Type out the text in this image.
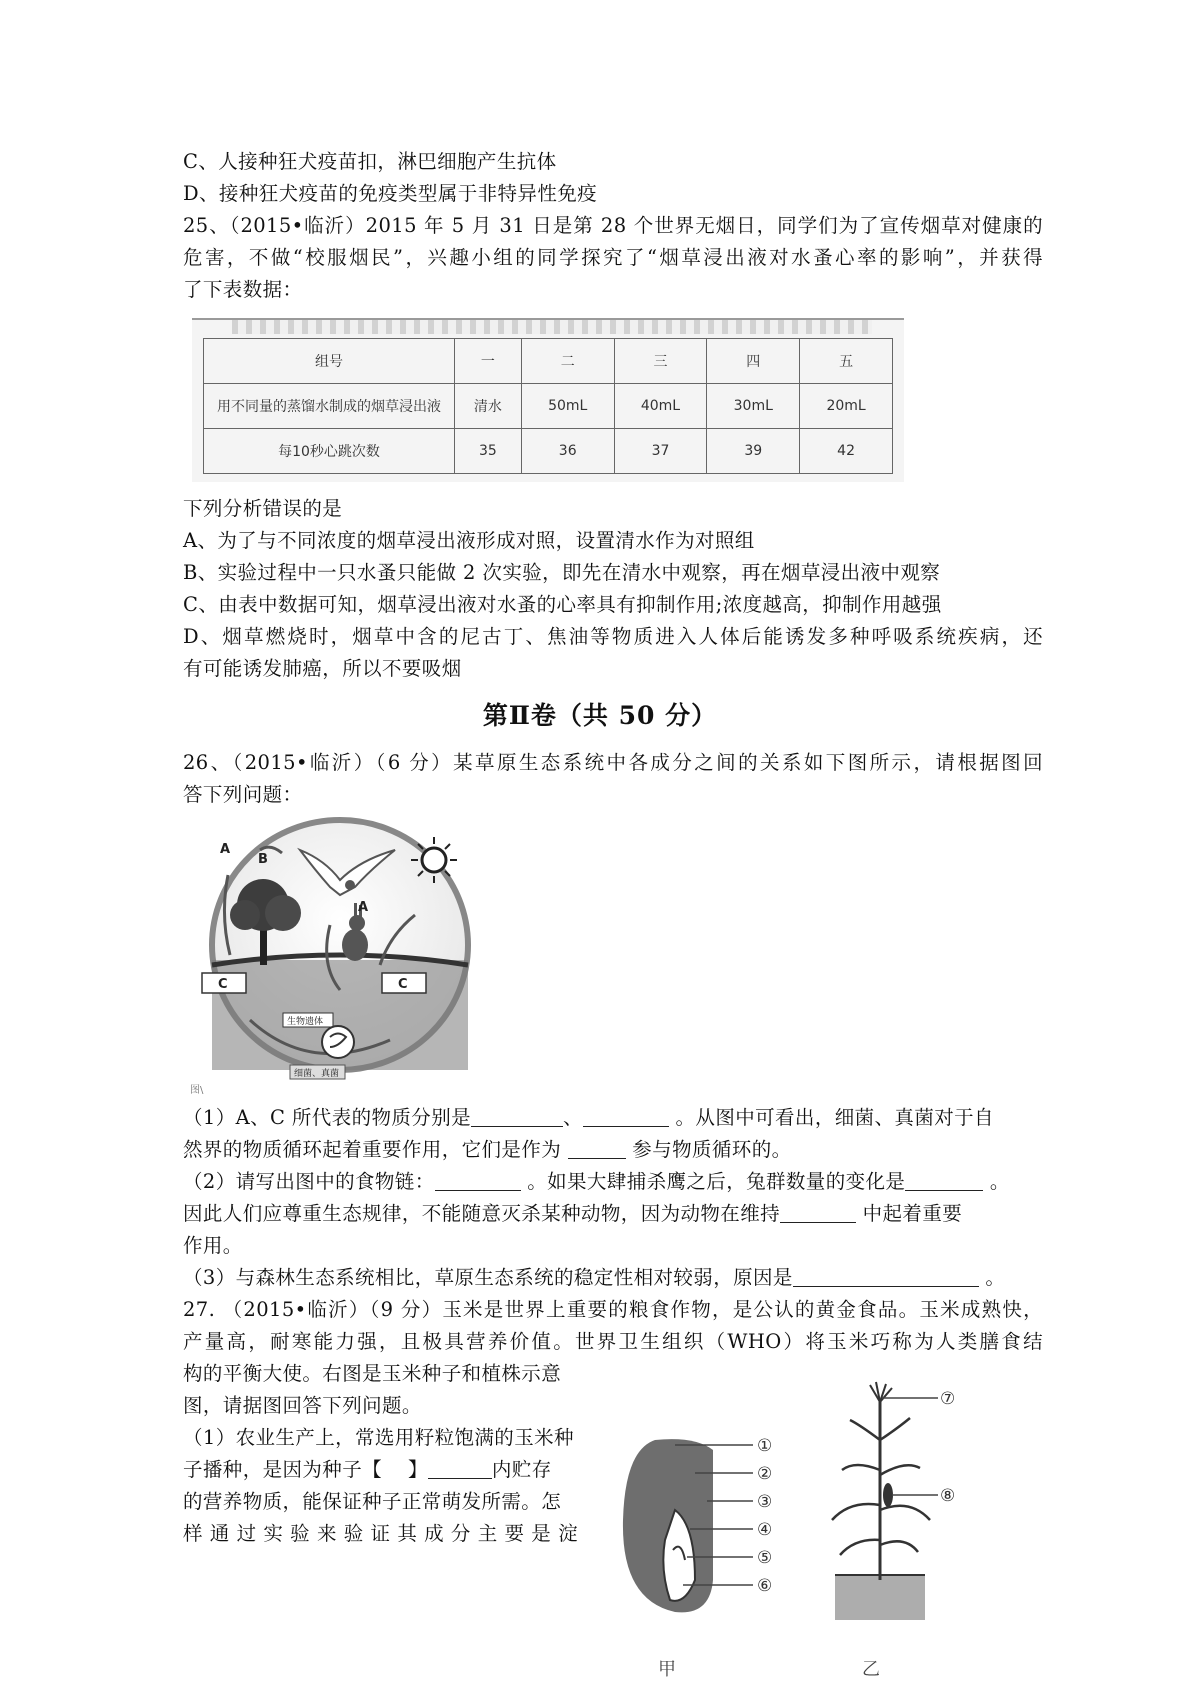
C、人接种狂犬疫苗扣，淋巴细胞产生抗体
D、接种狂犬疫苗的免疫类型属于非特异性免疫
25、（2015•临沂）2015 年 5 月 31 日是第 28 个世界无烟日，同学们为了宣传烟草对健康的
危害，不做“校服烟民”，兴趣小组的同学探究了“烟草浸出液对水蚤心率的影响”，并获得
了下表数据：
组号	一	二	三	四	五
用不同量的蒸馏水制成的烟草浸出液	清水	50mL	40mL	30mL	20mL
每10秒心跳次数	35	36	37	39	42
下列分析错误的是
A、为了与不同浓度的烟草浸出液形成对照，设置清水作为对照组
B、实验过程中一只水蚤只能做 2 次实验，即先在清水中观察，再在烟草浸出液中观察
C、由表中数据可知，烟草浸出液对水蚤的心率具有抑制作用;浓度越高，抑制作用越强
D、烟草燃烧时，烟草中含的尼古丁、焦油等物质进入人体后能诱发多种呼吸系统疾病，还
有可能诱发肺癌，所以不要吸烟
第Ⅱ卷（共 50 分）
26、（2015•临沂）（6 分）某草原生态系统中各成分之间的关系如下图所示，请根据图回
答下列问题：
A
B
A
C	C
生物遗体
细菌、真菌
图\
（1）A、C 所代表的物质分别是	、	。从图中可看出，细菌、真菌对于自
然界的物质循环起着重要作用，它们是作为	参与物质循环的。
（2）请写出图中的食物链：	。如果大肆捕杀鹰之后，兔群数量的变化是	。
因此人们应尊重生态规律，不能随意灭杀某种动物，因为动物在维持	中起着重要
作用。
（3）与森林生态系统相比，草原生态系统的稳定性相对较弱，原因是	。
27. （2015•临沂）（9 分）玉米是世界上重要的粮食作物，是公认的黄金食品。玉米成熟快，
产量高，耐寒能力强，且极具营养价值。世界卫生组织（WHO）将玉米巧称为人类膳食结
构的平衡大使。右图是玉米种子和植株示意
图，请据图回答下列问题。
（1）农业生产上，常选用籽粒饱满的玉米种
子播种，是因为种子【 】	内贮存
的营养物质，能保证种子正常萌发所需。怎
样通过实验来验证其成分主要是淀
①
②
③
④
⑤
⑥
⑦
⑧
甲	乙
